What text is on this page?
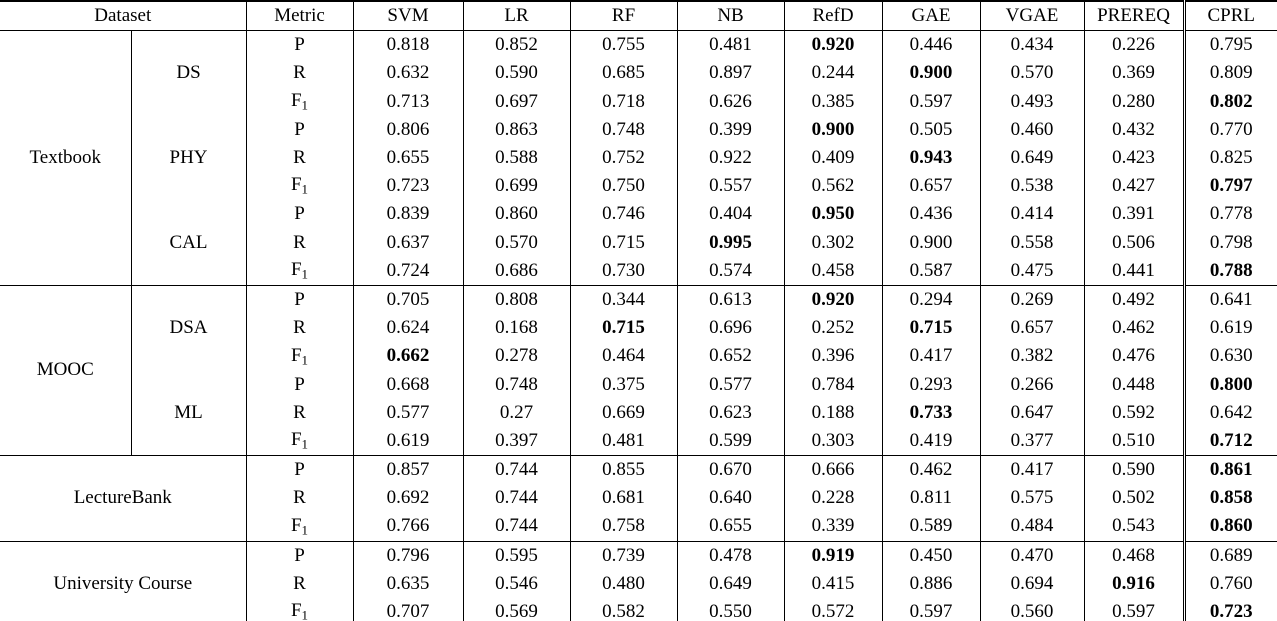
Dataset		Metric	SVM	LR	RF	NB	RefD	GAE	VGAE	PREREQ	CPRL
Textbook	DS	P	0.818	0.852	0.755	0.481	0.920	0.446	0.434	0.226	0.795
		R	0.632	0.590	0.685	0.897	0.244	0.900	0.570	0.369	0.809
		$F_1$	0.713	0.697	0.718	0.626	0.385	0.597	0.493	0.280	0.802
	PHY	P	0.806	0.863	0.748	0.399	0.900	0.505	0.460	0.432	0.770
		R	0.655	0.588	0.752	0.922	0.409	0.943	0.649	0.423	0.825
		$F_1$	0.723	0.699	0.750	0.557	0.562	0.657	0.538	0.427	0.797
	CAL	P	0.839	0.860	0.746	0.404	0.950	0.436	0.414	0.391	0.778
		R	0.637	0.570	0.715	0.995	0.302	0.900	0.558	0.506	0.798
		$F_1$	0.724	0.686	0.730	0.574	0.458	0.587	0.475	0.441	0.788
MOOC	DSA	P	0.705	0.808	0.344	0.613	0.920	0.294	0.269	0.492	0.641
		R	0.624	0.168	0.715	0.696	0.252	0.715	0.657	0.462	0.619
		$F_1$	0.662	0.278	0.464	0.652	0.396	0.417	0.382	0.476	0.630
	ML	P	0.668	0.748	0.375	0.577	0.784	0.293	0.266	0.448	0.800
		R	0.577	0.27	0.669	0.623	0.188	0.733	0.647	0.592	0.642
		$F_1$	0.619	0.397	0.481	0.599	0.303	0.419	0.377	0.510	0.712
LectureBank		P	0.857	0.744	0.855	0.670	0.666	0.462	0.417	0.590	0.861
		R	0.692	0.744	0.681	0.640	0.228	0.811	0.575	0.502	0.858
		$F_1$	0.766	0.744	0.758	0.655	0.339	0.589	0.484	0.543	0.860
University Course		P	0.796	0.595	0.739	0.478	0.919	0.450	0.470	0.468	0.689
		R	0.635	0.546	0.480	0.649	0.415	0.886	0.694	0.916	0.760
		$F_1$	0.707	0.569	0.582	0.550	0.572	0.597	0.560	0.597	0.723
